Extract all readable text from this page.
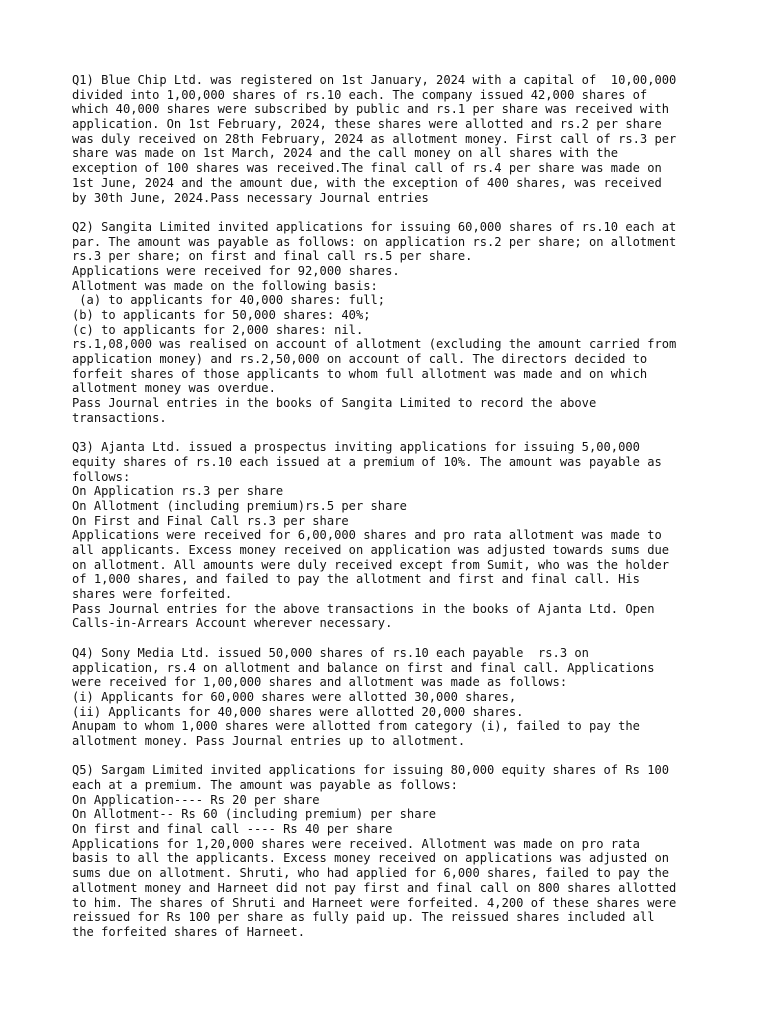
Q1) Blue Chip Ltd. was registered on 1st January, 2024 with a capital of  10,00,000
divided into 1,00,000 shares of rs.10 each. The company issued 42,000 shares of
which 40,000 shares were subscribed by public and rs.1 per share was received with
application. On 1st February, 2024, these shares were allotted and rs.2 per share
was duly received on 28th February, 2024 as allotment money. First call of rs.3 per
share was made on 1st March, 2024 and the call money on all shares with the
exception of 100 shares was received.The final call of rs.4 per share was made on
1st June, 2024 and the amount due, with the exception of 400 shares, was received
by 30th June, 2024.Pass necessary Journal entries
Q2) Sangita Limited invited applications for issuing 60,000 shares of rs.10 each at
par. The amount was payable as follows: on application rs.2 per share; on allotment
rs.3 per share; on first and final call rs.5 per share.
Applications were received for 92,000 shares.
Allotment was made on the following basis:
(a) to applicants for 40,000 shares: full;
(b) to applicants for 50,000 shares: 40%;
(c) to applicants for 2,000 shares: nil.
rs.1,08,000 was realised on account of allotment (excluding the amount carried from
application money) and rs.2,50,000 on account of call. The directors decided to
forfeit shares of those applicants to whom full allotment was made and on which
allotment money was overdue.
Pass Journal entries in the books of Sangita Limited to record the above
transactions.
Q3) Ajanta Ltd. issued a prospectus inviting applications for issuing 5,00,000
equity shares of rs.10 each issued at a premium of 10%. The amount was payable as
follows:
On Application rs.3 per share
On Allotment (including premium)rs.5 per share
On First and Final Call rs.3 per share
Applications were received for 6,00,000 shares and pro rata allotment was made to
all applicants. Excess money received on application was adjusted towards sums due
on allotment. All amounts were duly received except from Sumit, who was the holder
of 1,000 shares, and failed to pay the allotment and first and final call. His
shares were forfeited.
Pass Journal entries for the above transactions in the books of Ajanta Ltd. Open
Calls-in-Arrears Account wherever necessary.
Q4) Sony Media Ltd. issued 50,000 shares of rs.10 each payable  rs.3 on
application, rs.4 on allotment and balance on first and final call. Applications
were received for 1,00,000 shares and allotment was made as follows:
(i) Applicants for 60,000 shares were allotted 30,000 shares,
(ii) Applicants for 40,000 shares were allotted 20,000 shares.
Anupam to whom 1,000 shares were allotted from category (i), failed to pay the
allotment money. Pass Journal entries up to allotment.
Q5) Sargam Limited invited applications for issuing 80,000 equity shares of Rs 100
each at a premium. The amount was payable as follows:
On Application---- Rs 20 per share
On Allotment-- Rs 60 (including premium) per share
On first and final call ---- Rs 40 per share
Applications for 1,20,000 shares were received. Allotment was made on pro rata
basis to all the applicants. Excess money received on applications was adjusted on
sums due on allotment. Shruti, who had applied for 6,000 shares, failed to pay the
allotment money and Harneet did not pay first and final call on 800 shares allotted
to him. The shares of Shruti and Harneet were forfeited. 4,200 of these shares were
reissued for Rs 100 per share as fully paid up. The reissued shares included all
the forfeited shares of Harneet.
